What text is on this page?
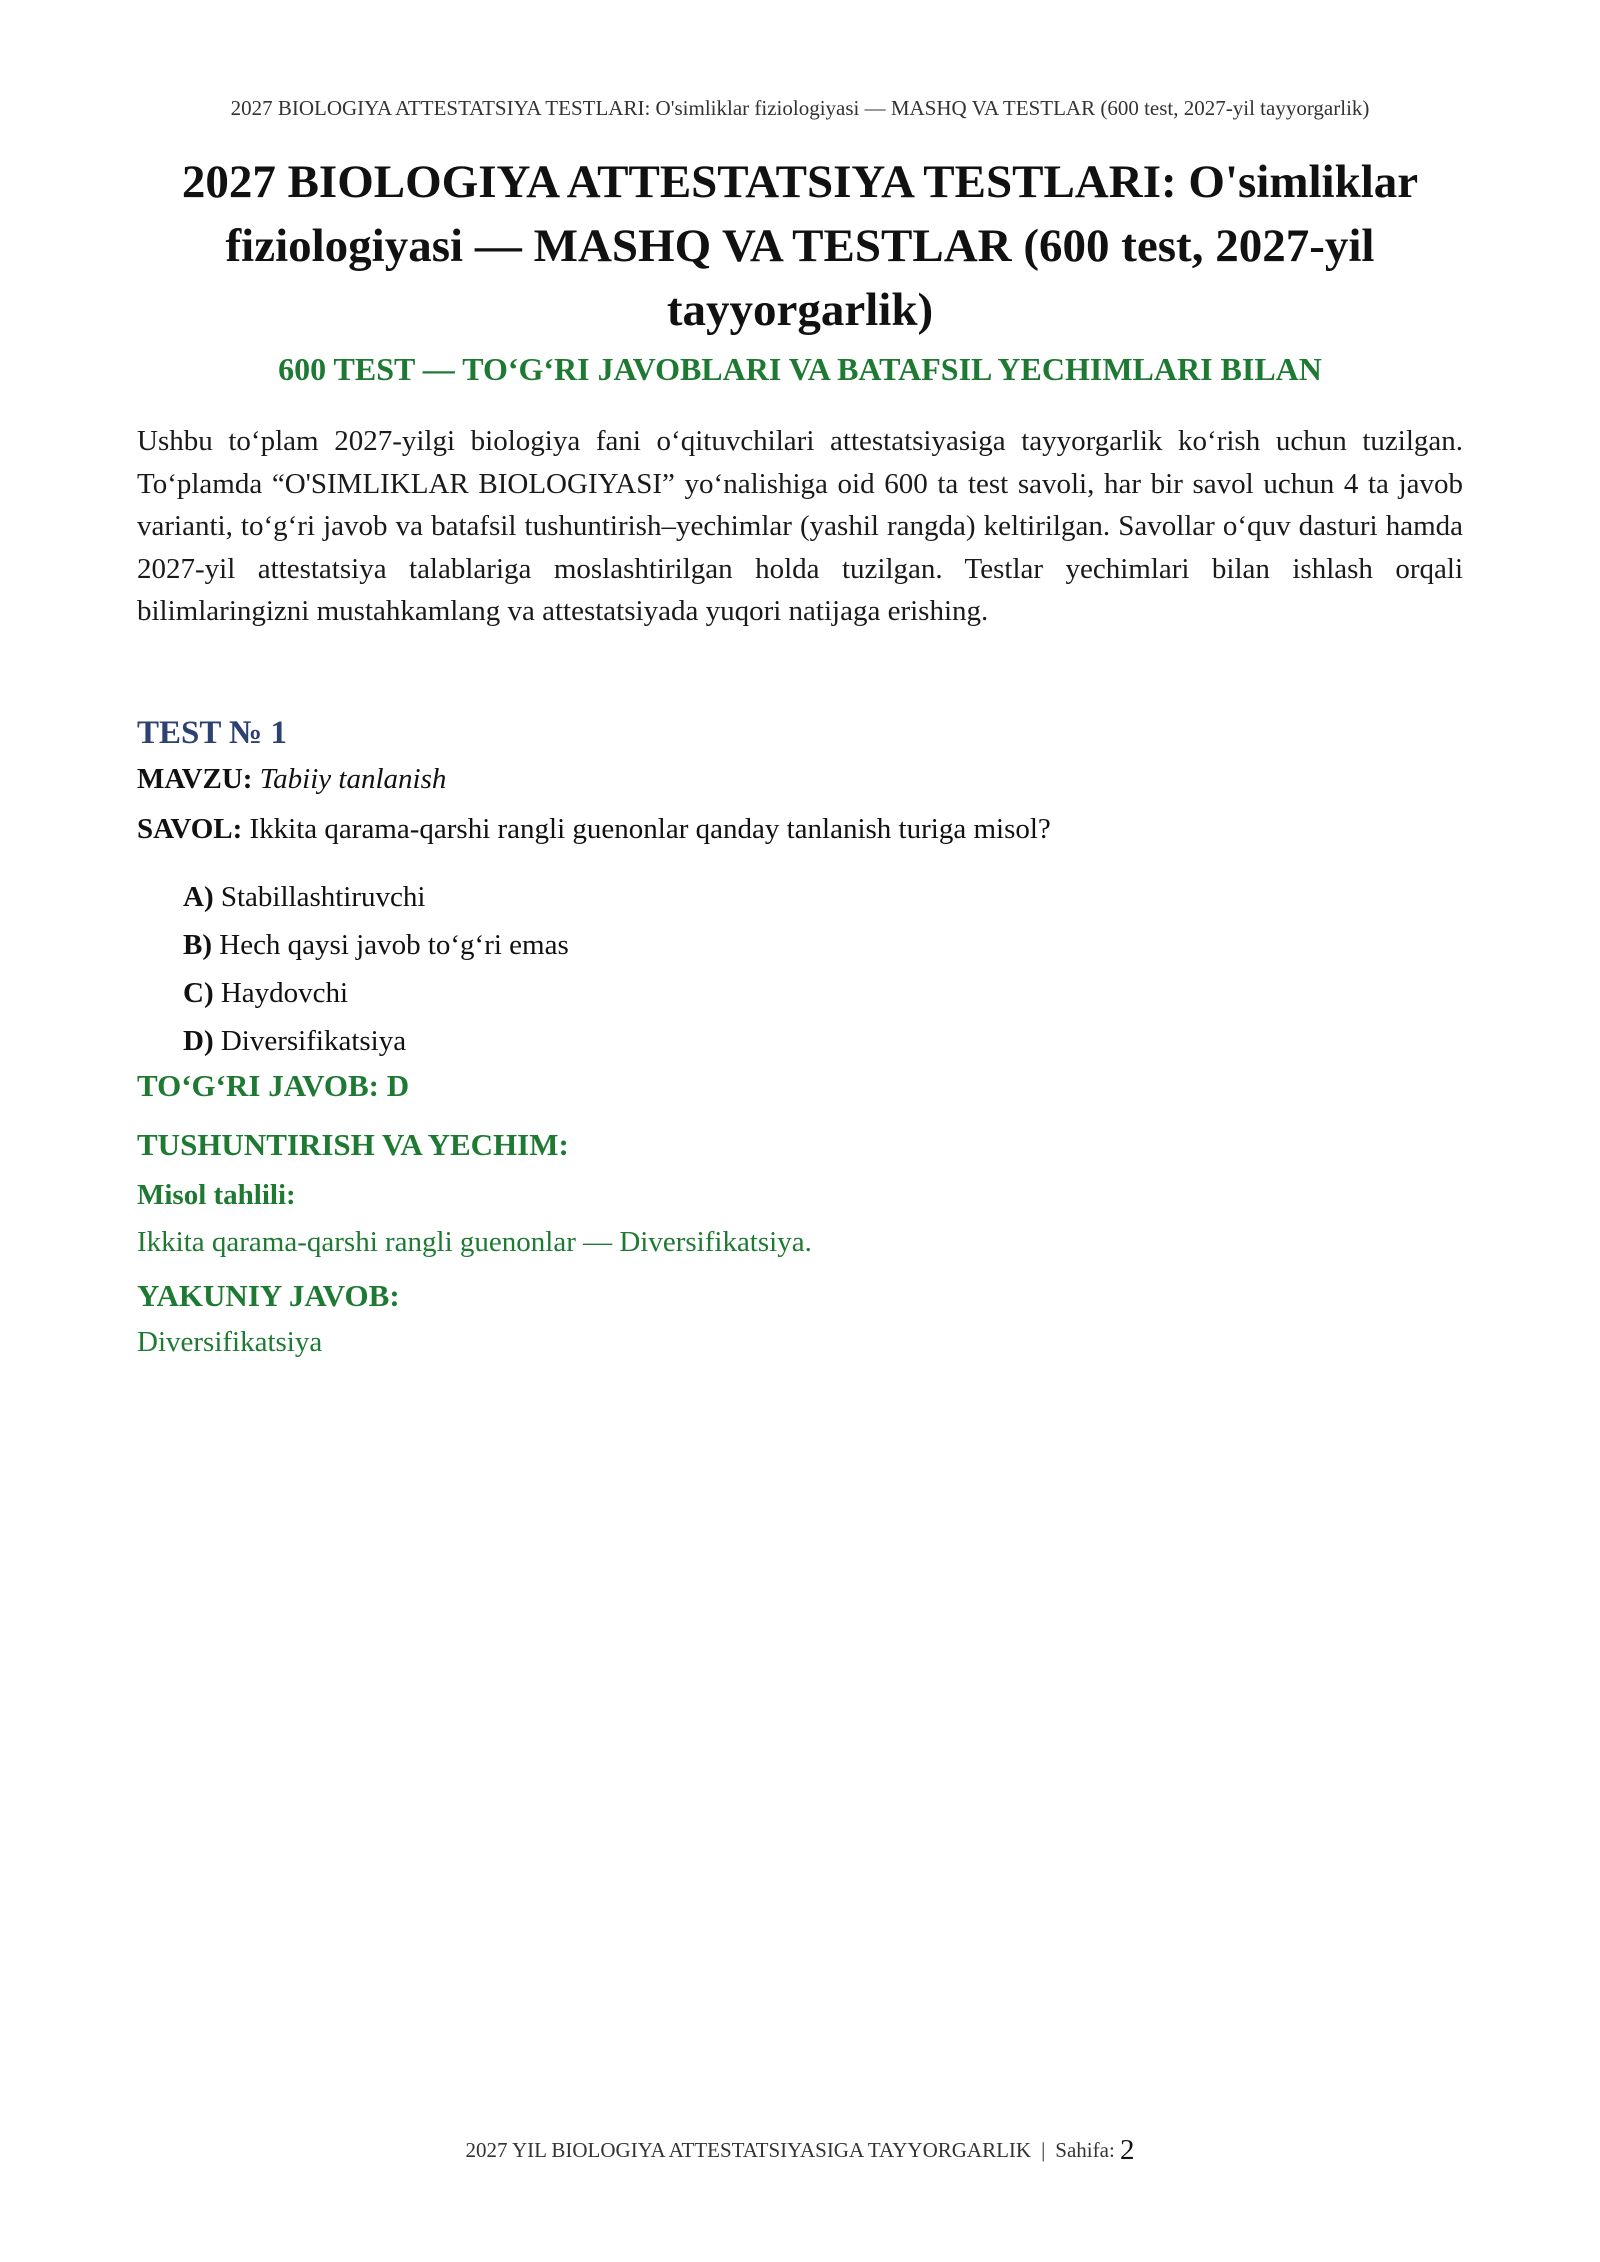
2027 BIOLOGIYA ATTESTATSIYA TESTLARI: O'simliklar fiziologiyasi — MASHQ VA TESTLAR (600 test, 2027-yil tayyorgarlik)
2027 BIOLOGIYA ATTESTATSIYA TESTLARI: O'simliklar fiziologiyasi — MASHQ VA TESTLAR (600 test, 2027-yil tayyorgarlik)
600 TEST — TO‘G‘RI JAVOBLARI VA BATAFSIL YECHIMLARI BILAN

Ushbu to‘plam 2027-yilgi biologiya fani o‘qituvchilari attestatsiyasiga tayyorgarlik ko‘rish uchun tuzilgan. To‘plamda “O'SIMLIKLAR BIOLOGIYASI” yo‘nalishiga oid 600 ta test savoli, har bir savol uchun 4 ta javob varianti, to‘g‘ri javob va batafsil tushuntirish–yechimlar (yashil rangda) keltirilgan. Savollar o‘quv dasturi hamda 2027-yil attestatsiya talablariga moslashtirilgan holda tuzilgan. Testlar yechimlari bilan ishlash orqali bilimlaringizni mustahkamlang va attestatsiyada yuqori natijaga erishing.

TEST № 1

MAVZU: Tabiiy tanlanish

SAVOL: Ikkita qarama-qarshi rangli guenonlar qanday tanlanish turiga misol?

A) Stabillashtiruvchi
B) Hech qaysi javob to‘g‘ri emas
C) Haydovchi
D) Diversifikatsiya

TO‘G‘RI JAVOB: D

TUSHUNTIRISH VA YECHIM:

Misol tahlili:

Ikkita qarama-qarshi rangli guenonlar — Diversifikatsiya.

YAKUNIY JAVOB:

Diversifikatsiya

2027 YIL BIOLOGIYA ATTESTATSIYASIGA TAYYORGARLIK | Sahifa: 2
